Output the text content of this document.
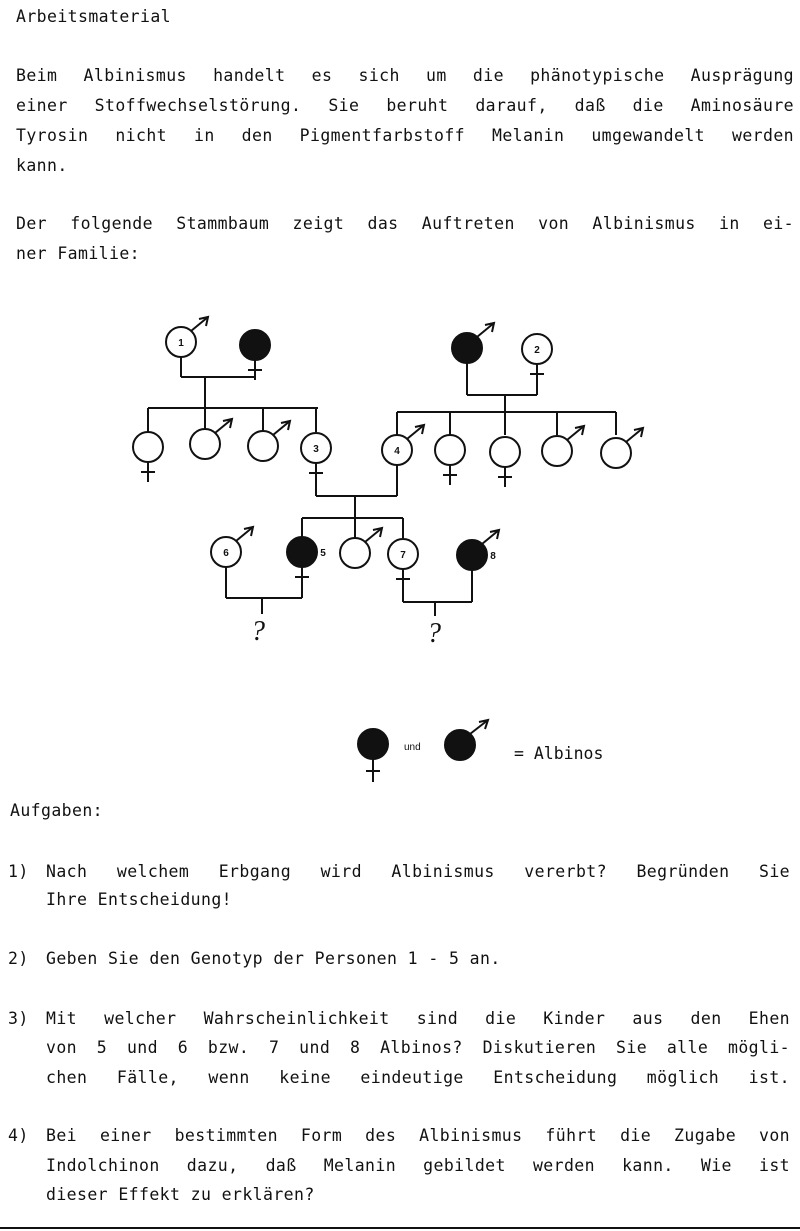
Arbeitsmaterial
Beim Albinismus handelt es sich um die phänotypische Ausprägung
einer Stoffwechselstörung. Sie beruht darauf, daß die Aminosäure
Tyrosin nicht in den Pigmentfarbstoff Melanin umgewandelt werden
kann.
Der folgende Stammbaum zeigt das Auftreten von Albinismus in ei-
ner Familie:
?	?
1
2
3	4
6	5	7	8
und	= Albinos
Aufgaben:
1) Nach welchem Erbgang wird Albinismus vererbt? Begründen Sie
Ihre Entscheidung!
2) Geben Sie den Genotyp der Personen 1 - 5 an.
3) Mit welcher Wahrscheinlichkeit sind die Kinder aus den Ehen
von 5 und 6 bzw. 7 und 8 Albinos? Diskutieren Sie alle mögli-
chen Fälle, wenn keine eindeutige Entscheidung möglich ist.
4) Bei einer bestimmten Form des Albinismus führt die Zugabe von
Indolchinon dazu, daß Melanin gebildet werden kann. Wie ist
dieser Effekt zu erklären?
